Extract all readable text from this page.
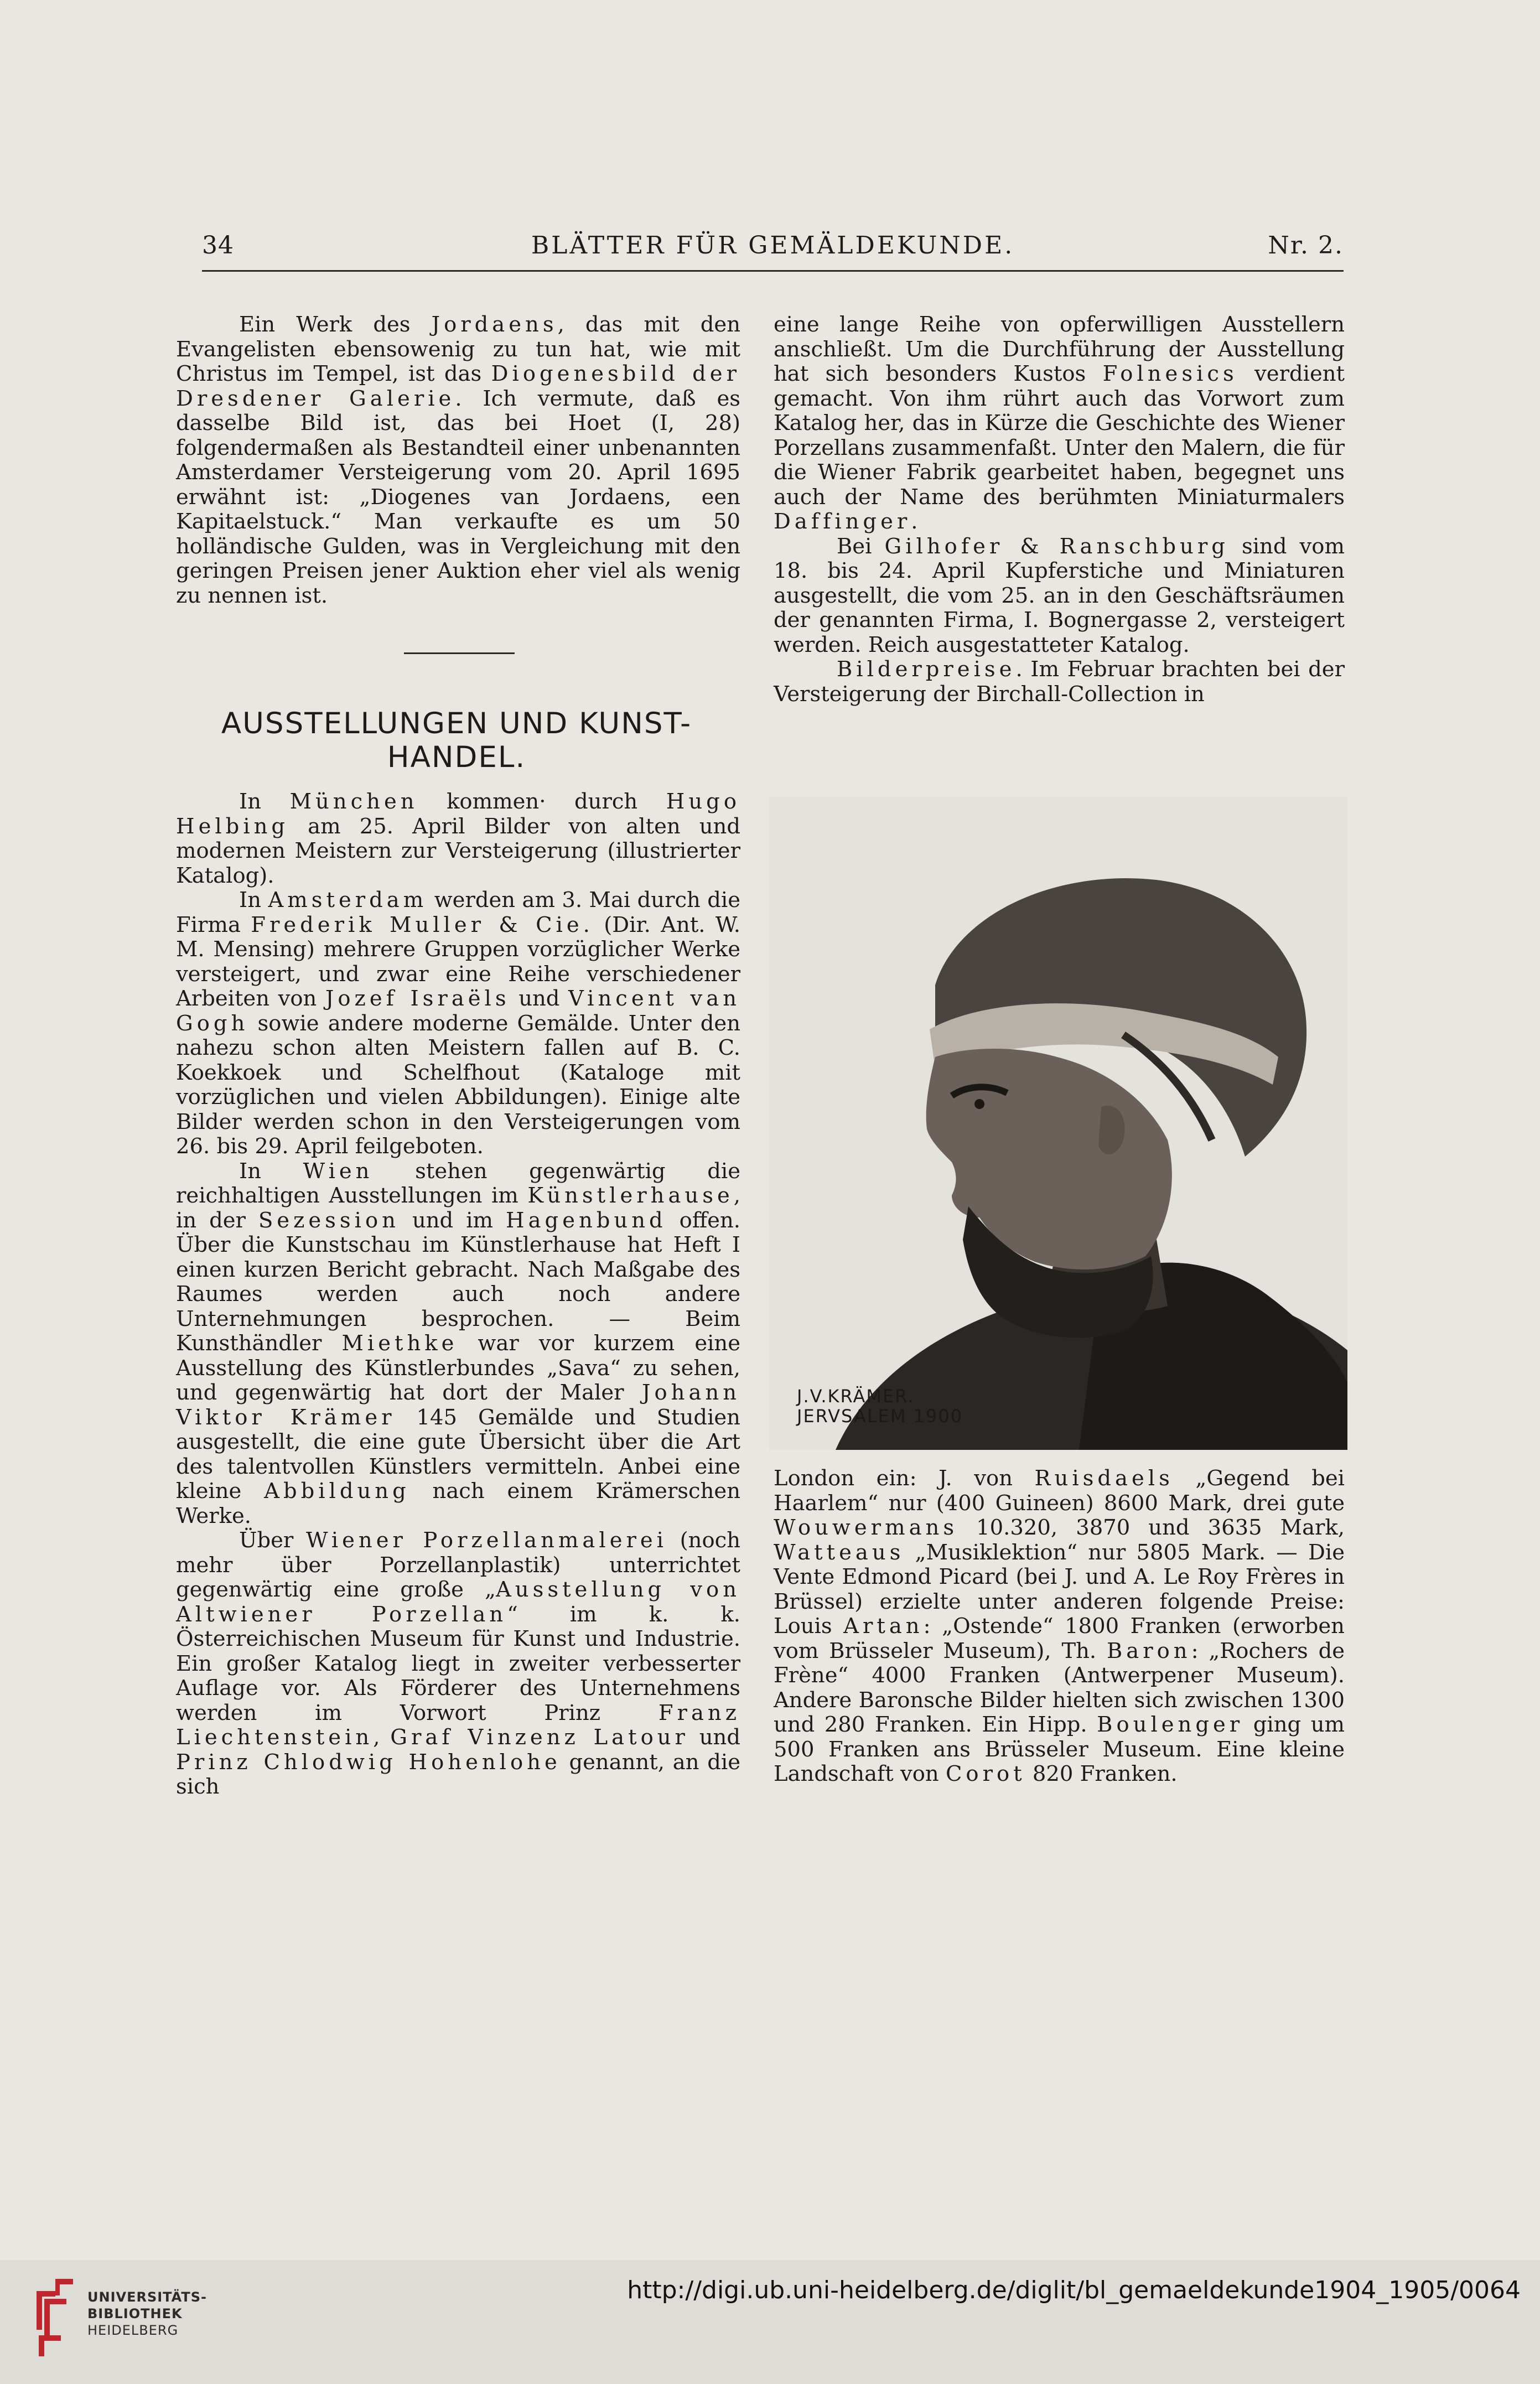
34	BLÄTTER FÜR GEMÄLDEKUNDE.	Nr. 2.

Ein Werk des Jordaens, das mit den Evangelisten ebensowenig zu tun hat, wie mit Christus im Tempel, ist das Diogenesbild der Dresdener Galerie. Ich vermute, daß es dasselbe Bild ist, das bei Hoet (I, 28) folgendermaßen als Bestandteil einer unbenannten Amsterdamer Versteigerung vom 20. April 1695 erwähnt ist: „Diogenes van Jordaens, een Kapitaelstuck.“ Man verkaufte es um 50 holländische Gulden, was in Vergleichung mit den geringen Preisen jener Auktion eher viel als wenig zu nennen ist.

AUSSTELLUNGEN UND KUNST-
HANDEL.

In München kommen· durch Hugo Helbing am 25. April Bilder von alten und modernen Meistern zur Versteigerung (illustrierter Katalog).

In Amsterdam werden am 3. Mai durch die Firma Frederik Muller & Cie. (Dir. Ant. W. M. Mensing) mehrere Gruppen vorzüglicher Werke versteigert, und zwar eine Reihe verschiedener Arbeiten von Jozef Israëls und Vincent van Gogh sowie andere moderne Gemälde. Unter den nahezu schon alten Meistern fallen auf B. C. Koekkoek und Schelfhout (Kataloge mit vorzüglichen und vielen Abbildungen). Einige alte Bilder werden schon in den Versteigerungen vom 26. bis 29. April feilgeboten.

In Wien stehen gegenwärtig die reichhaltigen Ausstellungen im Künstlerhause, in der Sezession und im Hagenbund offen. Über die Kunstschau im Künstlerhause hat Heft I einen kurzen Bericht gebracht. Nach Maßgabe des Raumes werden auch noch andere Unternehmungen besprochen. — Beim Kunsthändler Miethke war vor kurzem eine Ausstellung des Künstlerbundes „Sava“ zu sehen, und gegenwärtig hat dort der Maler Johann Viktor Krämer 145 Gemälde und Studien ausgestellt, die eine gute Übersicht über die Art des talentvollen Künstlers vermitteln. Anbei eine kleine Abbildung nach einem Krämerschen Werke.

Über Wiener Porzellanmalerei (noch mehr über Porzellanplastik) unterrichtet gegenwärtig eine große „Ausstellung von Altwiener Porzellan“ im k. k. Österreichischen Museum für Kunst und Industrie. Ein großer Katalog liegt in zweiter verbesserter Auflage vor. Als Förderer des Unternehmens werden im Vorwort Prinz Franz Liechtenstein, Graf Vinzenz Latour und Prinz Chlodwig Hohenlohe genannt, an die sich

eine lange Reihe von opferwilligen Ausstellern anschließt. Um die Durchführung der Ausstellung hat sich besonders Kustos Folnesics verdient gemacht. Von ihm rührt auch das Vorwort zum Katalog her, das in Kürze die Geschichte des Wiener Porzellans zusammenfaßt. Unter den Malern, die für die Wiener Fabrik gearbeitet haben, begegnet uns auch der Name des berühmten Miniaturmalers Daffinger.

Bei Gilhofer & Ranschburg sind vom 18. bis 24. April Kupferstiche und Miniaturen ausgestellt, die vom 25. an in den Geschäftsräumen der genannten Firma, I. Bognergasse 2, versteigert werden. Reich ausgestatteter Katalog.

Bilderpreise. Im Februar brachten bei der Versteigerung der Birchall-Collection in

J.V.KRÄMER.
JERVSALEM 1900

London ein: J. von Ruisdaels „Gegend bei Haarlem“ nur (400 Guineen) 8600 Mark, drei gute Wouwermans 10.320, 3870 und 3635 Mark, Watteaus „Musiklektion“ nur 5805 Mark. — Die Vente Edmond Picard (bei J. und A. Le Roy Frères in Brüssel) erzielte unter anderen folgende Preise: Louis Artan: „Ostende“ 1800 Franken (erworben vom Brüsseler Museum), Th. Baron: „Rochers de Frène“ 4000 Franken (Antwerpener Museum). Andere Baronsche Bilder hielten sich zwischen 1300 und 280 Franken. Ein Hipp. Boulenger ging um 500 Franken ans Brüsseler Museum. Eine kleine Landschaft von Corot 820 Franken.

UNIVERSITÄTS-
BIBLIOTHEK
HEIDELBERG
http://digi.ub.uni-heidelberg.de/diglit/bl_gemaeldekunde1904_1905/0064
